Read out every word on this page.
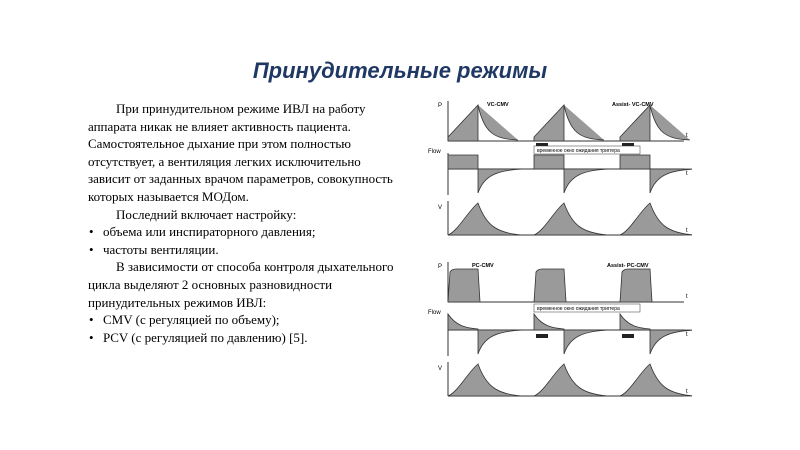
Принудительные режимы

При принудительном режиме ИВЛ на работу аппарата никак не влияет активность пациента. Самостоятельное дыхание при этом полностью отсутствует, а вентиляция легких исключительно зависит от заданных врачом параметров, совокупность которых называется МОДом.

Последний включает настройку:

• объема или инспираторного давления;
• частоты вентиляции.

В зависимости от способа контроля дыхательного цикла выделяют 2 основных разновидности принудительных режимов ИВЛ:

• CMV (с регуляцией по объему);
• PCV (с регуляцией по давлению) [5].
P
t
VC-CMV	Assist- VC-CMV
временное окно ожидания триггера
Flow
t
V
t
P
t
PC-CMV	Assist- PC-CMV
временное окно ожидания триггера
Flow
t
V
t
